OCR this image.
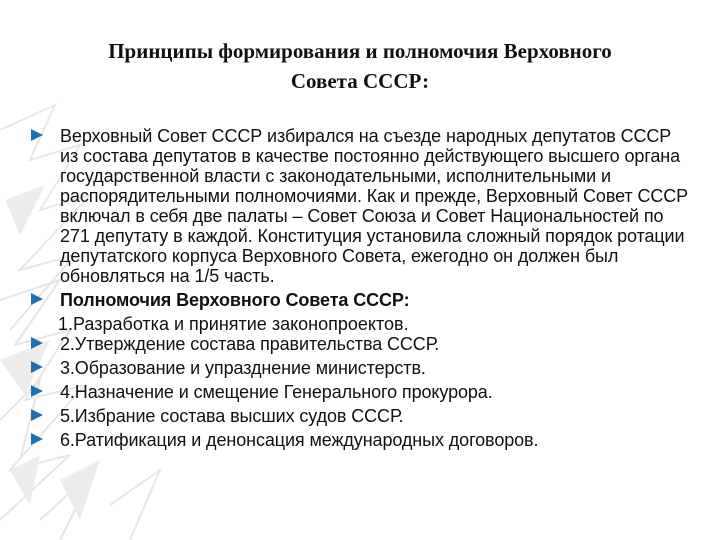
Принципы формирования и полномочия Верховного
Совета СССР:
Верховный Совет СССР избирался на съезде народных депутатов СССР из состава депутатов в качестве постоянно действующего высшего органа государственной власти с законодательными, исполнительными и распорядительными полномочиями. Как и прежде, Верховный Совет СССР включал в себя две палаты – Совет Союза и Совет Национальностей по 271 депутату в каждой. Конституция установила сложный порядок ротации депутатского корпуса Верховного Совета, ежегодно он должен был обновляться на 1/5 часть.
Полномочия Верховного Совета СССР:
1.Разработка и принятие законопроектов.
2.Утверждение состава правительства СССР.
3.Образование и упразднение министерств.
4.Назначение и смещение Генерального прокурора.
5.Избрание состава высших судов СССР.
6.Ратификация и денонсация международных договоров.
